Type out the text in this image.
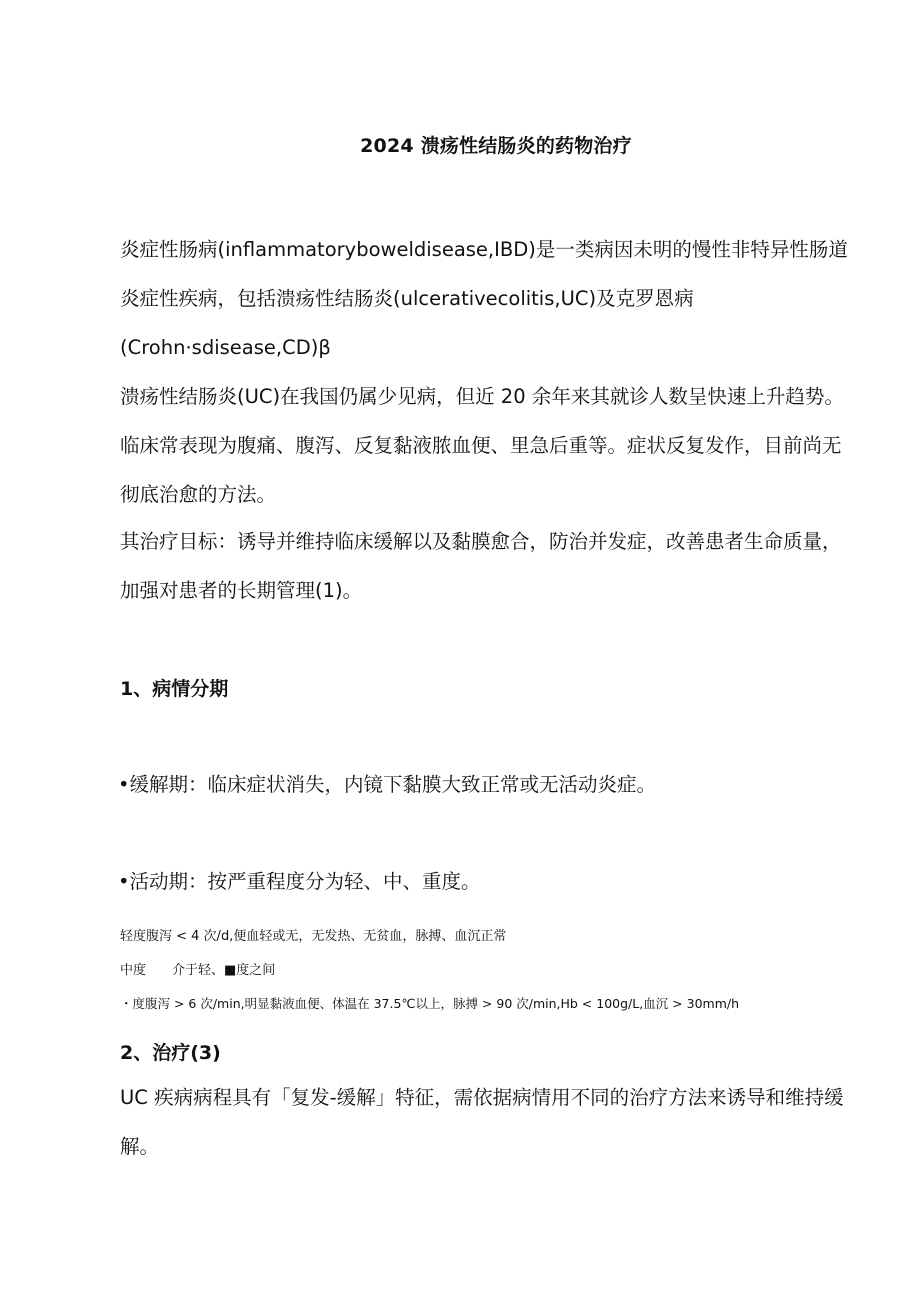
2024 溃疡性结肠炎的药物治疗
炎症性肠病(inflammatoryboweldisease,IBD)是一类病因未明的慢性非特异性肠道
炎症性疾病，包括溃疡性结肠炎(ulcerativecolitis,UC)及克罗恩病
(Crohn·sdisease,CD)β
溃疡性结肠炎(UC)在我国仍属少见病，但近 20 余年来其就诊人数呈快速上升趋势。
临床常表现为腹痛、腹泻、反复黏液脓血便、里急后重等。症状反复发作，目前尚无
彻底治愈的方法。
其治疗目标：诱导并维持临床缓解以及黏膜愈合，防治并发症，改善患者生命质量，
加强对患者的长期管理(1)。
1、病情分期
•缓解期：临床症状消失，内镜下黏膜大致正常或无活动炎症。
•活动期：按严重程度分为轻、中、重度。
轻度腹泻 < 4 次/d,便血轻或无，无发热、无贫血，脉搏、血沉正常
中度 介于轻、■度之间
・度腹泻 > 6 次/min,明显黏液血便、体温在 37.5℃以上，脉搏 > 90 次/min,Hb < 100g/L,血沉 > 30mm/h
2、治疗(3)
UC 疾病病程具有「复发-缓解」特征，需依据病情用不同的治疗方法来诱导和维持缓
解。
